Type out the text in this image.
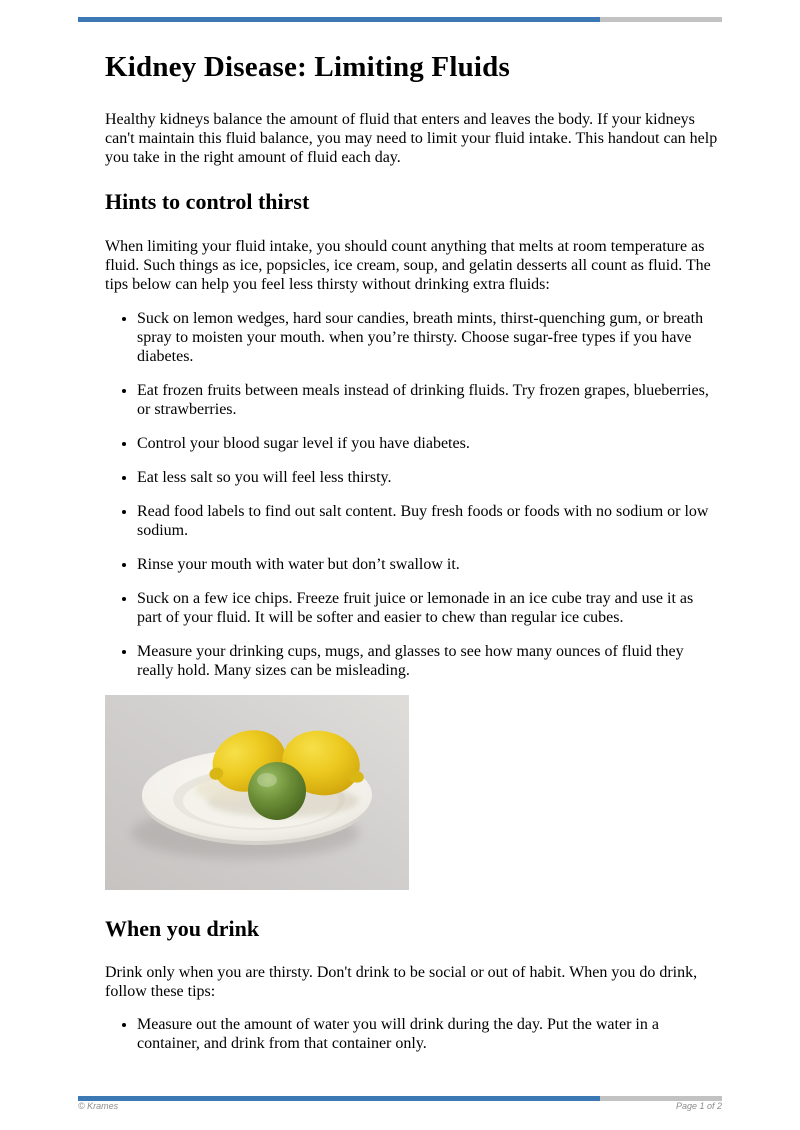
Kidney Disease: Limiting Fluids

Healthy kidneys balance the amount of fluid that enters and leaves the body. If your kidneys can't maintain this fluid balance, you may need to limit your fluid intake. This handout can help you take in the right amount of fluid each day.

Hints to control thirst

When limiting your fluid intake, you should count anything that melts at room temperature as fluid. Such things as ice, popsicles, ice cream, soup, and gelatin desserts all count as fluid. The tips below can help you feel less thirsty without drinking extra fluids:

• Suck on lemon wedges, hard sour candies, breath mints, thirst-quenching gum, or breath spray to moisten your mouth. when you’re thirsty. Choose sugar-free types if you have diabetes.
• Eat frozen fruits between meals instead of drinking fluids. Try frozen grapes, blueberries, or strawberries.
• Control your blood sugar level if you have diabetes.
• Eat less salt so you will feel less thirsty.
• Read food labels to find out salt content. Buy fresh foods or foods with no sodium or low sodium.
• Rinse your mouth with water but don’t swallow it.
• Suck on a few ice chips. Freeze fruit juice or lemonade in an ice cube tray and use it as part of your fluid. It will be softer and easier to chew than regular ice cubes.
• Measure your drinking cups, mugs, and glasses to see how many ounces of fluid they really hold. Many sizes can be misleading.
When you drink

Drink only when you are thirsty. Don't drink to be social or out of habit. When you do drink, follow these tips:

• Measure out the amount of water you will drink during the day. Put the water in a container, and drink from that container only.
© Krames	Page 1 of 2
